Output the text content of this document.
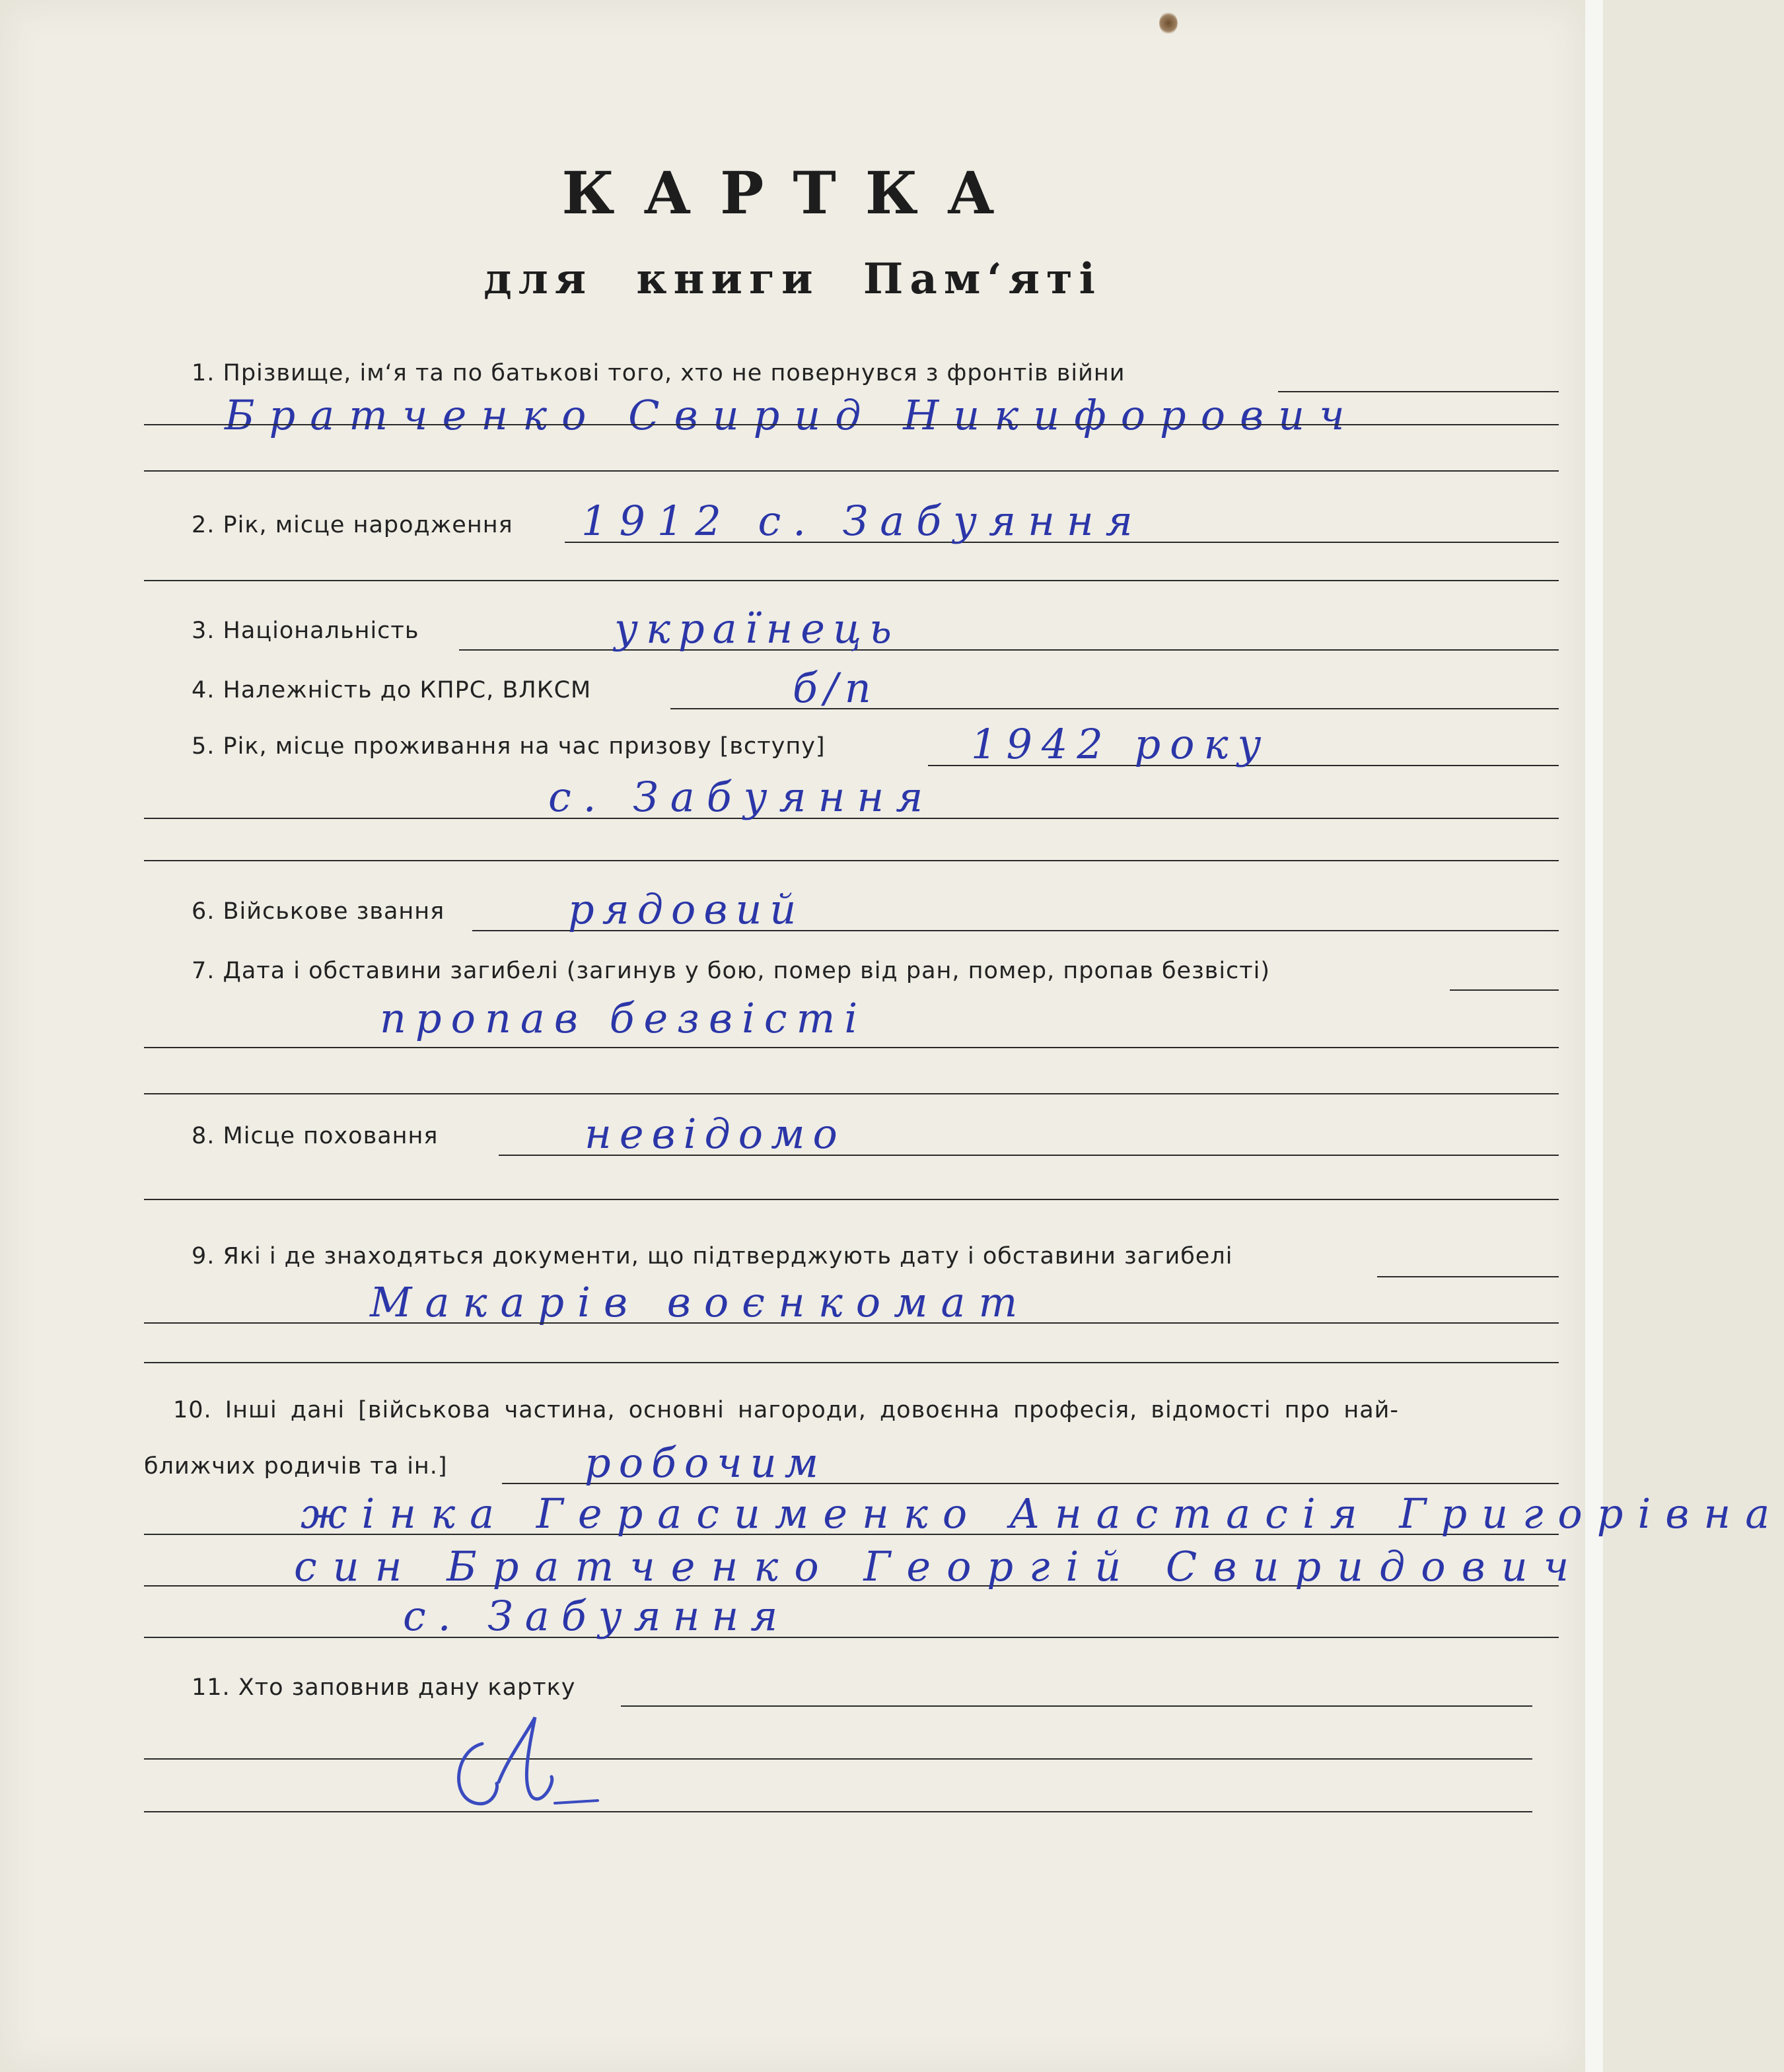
КАРТКА
для книги Пам‘яті
1. Прізвище, ім‘я та по батькові того, хто не повернувся з фронтів війни
Братченко Свирид Никифорович
2. Рік, місце народження 1912 с. Забуяння
3. Національність	українець
4. Належність до КПРС, ВЛКСМ	б/п
5. Рік, місце проживання на час призову [вступу]	1942 року
с. Забуяння
6. Військове звання	рядовий
7. Дата і обставини загибелі (загинув у бою, помер від ран, помер, пропав безвісті)
пропав безвісті
8. Місце поховання	невідомо
9. Які і де знаходяться документи, що підтверджують дату і обставини загибелі
Макарів воєнкомат
10. Інші дані [військова частина, основні нагороди, довоєнна професія, відомості про най-
ближчих родичів та ін.]	робочим
жінка Герасименко Анастасія Григорівна
син Братченко Георгій Свиридович
с. Забуяння
11. Хто заповнив дану картку
